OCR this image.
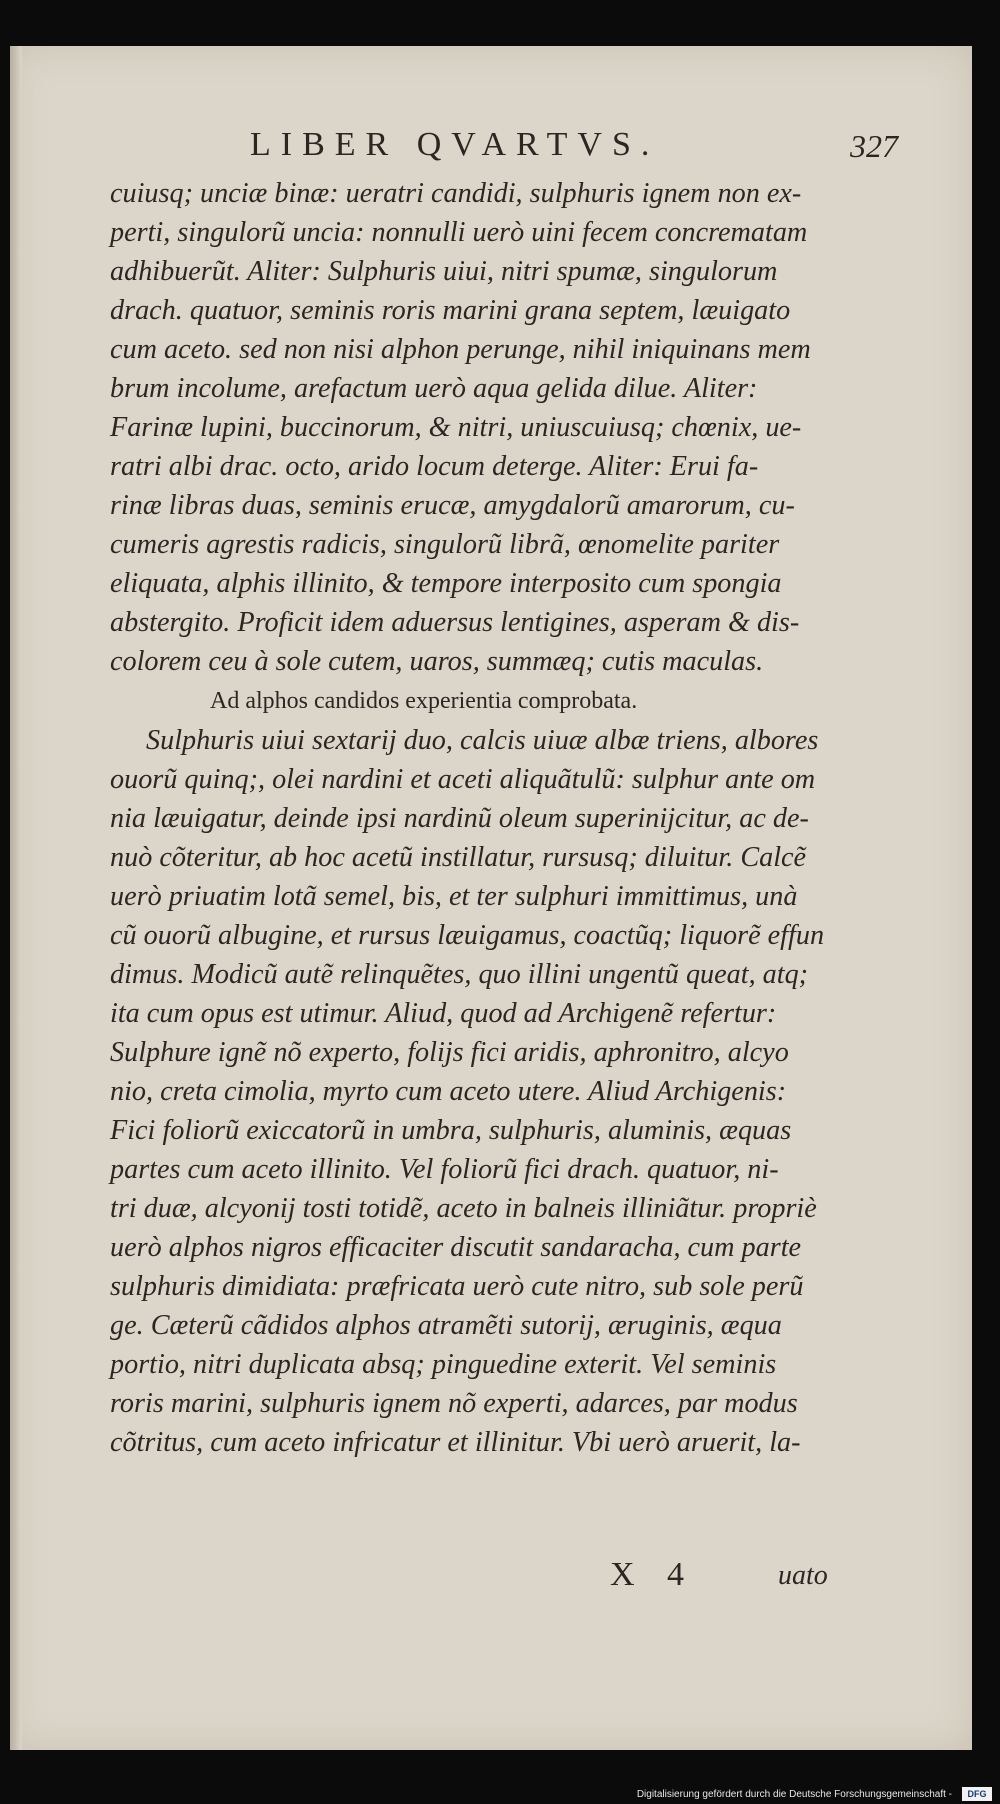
LIBER QVARTVS.	327
cuiusq; unciæ binæ: ueratri candidi, sulphuris ignem non ex-
perti, singulorũ uncia: nonnulli uerò uini fecem concrematam
adhibuerũt. Aliter: Sulphuris uiui, nitri spumæ, singulorum
drach. quatuor, seminis roris marini grana septem, læuigato
cum aceto. sed non nisi alphon perunge, nihil iniquinans mem
brum incolume, arefactum uerò aqua gelida dilue. Aliter:
Farinæ lupini, buccinorum, & nitri, uniuscuiusq; chœnix, ue-
ratri albi drac. octo, arido locum deterge. Aliter: Erui fa-
rinæ libras duas, seminis erucæ, amygdalorũ amarorum, cu-
cumeris agrestis radicis, singulorũ librã, œnomelite pariter
eliquata, alphis illinito, & tempore interposito cum spongia
abstergito. Proficit idem aduersus lentigines, asperam & dis-
colorem ceu à sole cutem, uaros, summæq; cutis maculas.
Ad alphos candidos experientia comprobata.
Sulphuris uiui sextarij duo, calcis uiuæ albæ triens, albores
ouorũ quinq;, olei nardini et aceti aliquãtulũ: sulphur ante om
nia læuigatur, deinde ipsi nardinũ oleum superinijcitur, ac de-
nuò cõteritur, ab hoc acetũ instillatur, rursusq; diluitur. Calcẽ
uerò priuatim lotã semel, bis, et ter sulphuri immittimus, unà
cũ ouorũ albugine, et rursus læuigamus, coactũq; liquorẽ effun
dimus. Modicũ autẽ relinquẽtes, quo illini ungentũ queat, atq;
ita cum opus est utimur. Aliud, quod ad Archigenẽ refertur:
Sulphure ignẽ nõ experto, folijs fici aridis, aphronitro, alcyo
nio, creta cimolia, myrto cum aceto utere. Aliud Archigenis:
Fici foliorũ exiccatorũ in umbra, sulphuris, aluminis, æquas
partes cum aceto illinito. Vel foliorũ fici drach. quatuor, ni-
tri duæ, alcyonij tosti totidẽ, aceto in balneis illiniãtur. propriè
uerò alphos nigros efficaciter discutit sandaracha, cum parte
sulphuris dimidiata: præfricata uerò cute nitro, sub sole perũ
ge. Cæterũ cãdidos alphos atramẽti sutorij, æruginis, æqua
portio, nitri duplicata absq; pinguedine exterit. Vel seminis
roris marini, sulphuris ignem nõ experti, adarces, par modus
cõtritus, cum aceto infricatur et illinitur. Vbi uerò aruerit, la-
X 4	uato
Digitalisierung gefördert durch die Deutsche Forschungsgemeinschaft -	DFG
